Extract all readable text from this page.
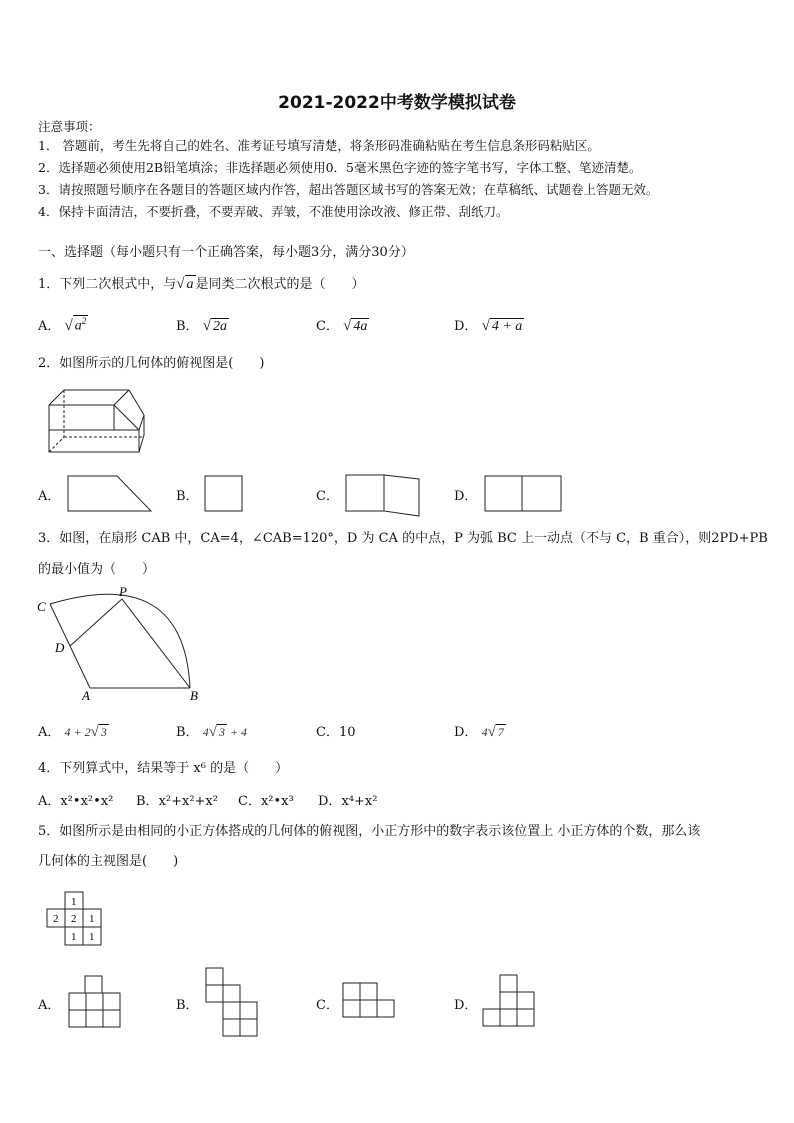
2021-2022中考数学模拟试卷
注意事项：
1． 答题前，考生先将自己的姓名、准考证号填写清楚，将条形码准确粘贴在考生信息条形码粘贴区。
2．选择题必须使用2B铅笔填涂；非选择题必须使用0．5毫米黑色字迹的签字笔书写，字体工整、笔迹清楚。
3．请按照题号顺序在各题目的答题区域内作答，超出答题区域书写的答案无效；在草稿纸、试题卷上答题无效。
4．保持卡面清洁，不要折叠，不要弄破、弄皱，不准使用涂改液、修正带、刮纸刀。
一、选择题（每小题只有一个正确答案，每小题3分，满分30分）
1．下列二次根式中，与√ a 是同类二次根式的是（　　）
A． √ $a^2$	B． √ 2a	C． √ 4a	D． √ 4 + a
2．如图所示的几何体的俯视图是(　　)
A．	B．	C．	D．
3．如图，在扇形 CAB 中，CA=4，∠CAB=120°，D 为 CA 的中点，P 为弧 BC 上一动点（不与 C，B 重合），则2PD+PB
的最小值为（　　）
C
P
D
A	B
A． 4 + 2√ 3	B． 4√ 3 + 4	C．10	D． 4√ 7
4．下列算式中，结果等于 x⁶ 的是（　　）
A．x²•x²•x² B．x²+x²+x² C．x²•x³ D．x⁴+x²
5．如图所示是由相同的小正方体搭成的几何体的俯视图，小正方形中的数字表示该位置上 小正方体的个数，那么该
几何体的主视图是(　　)
1
2 2 1
1 1
A．	B．	C．	D．
